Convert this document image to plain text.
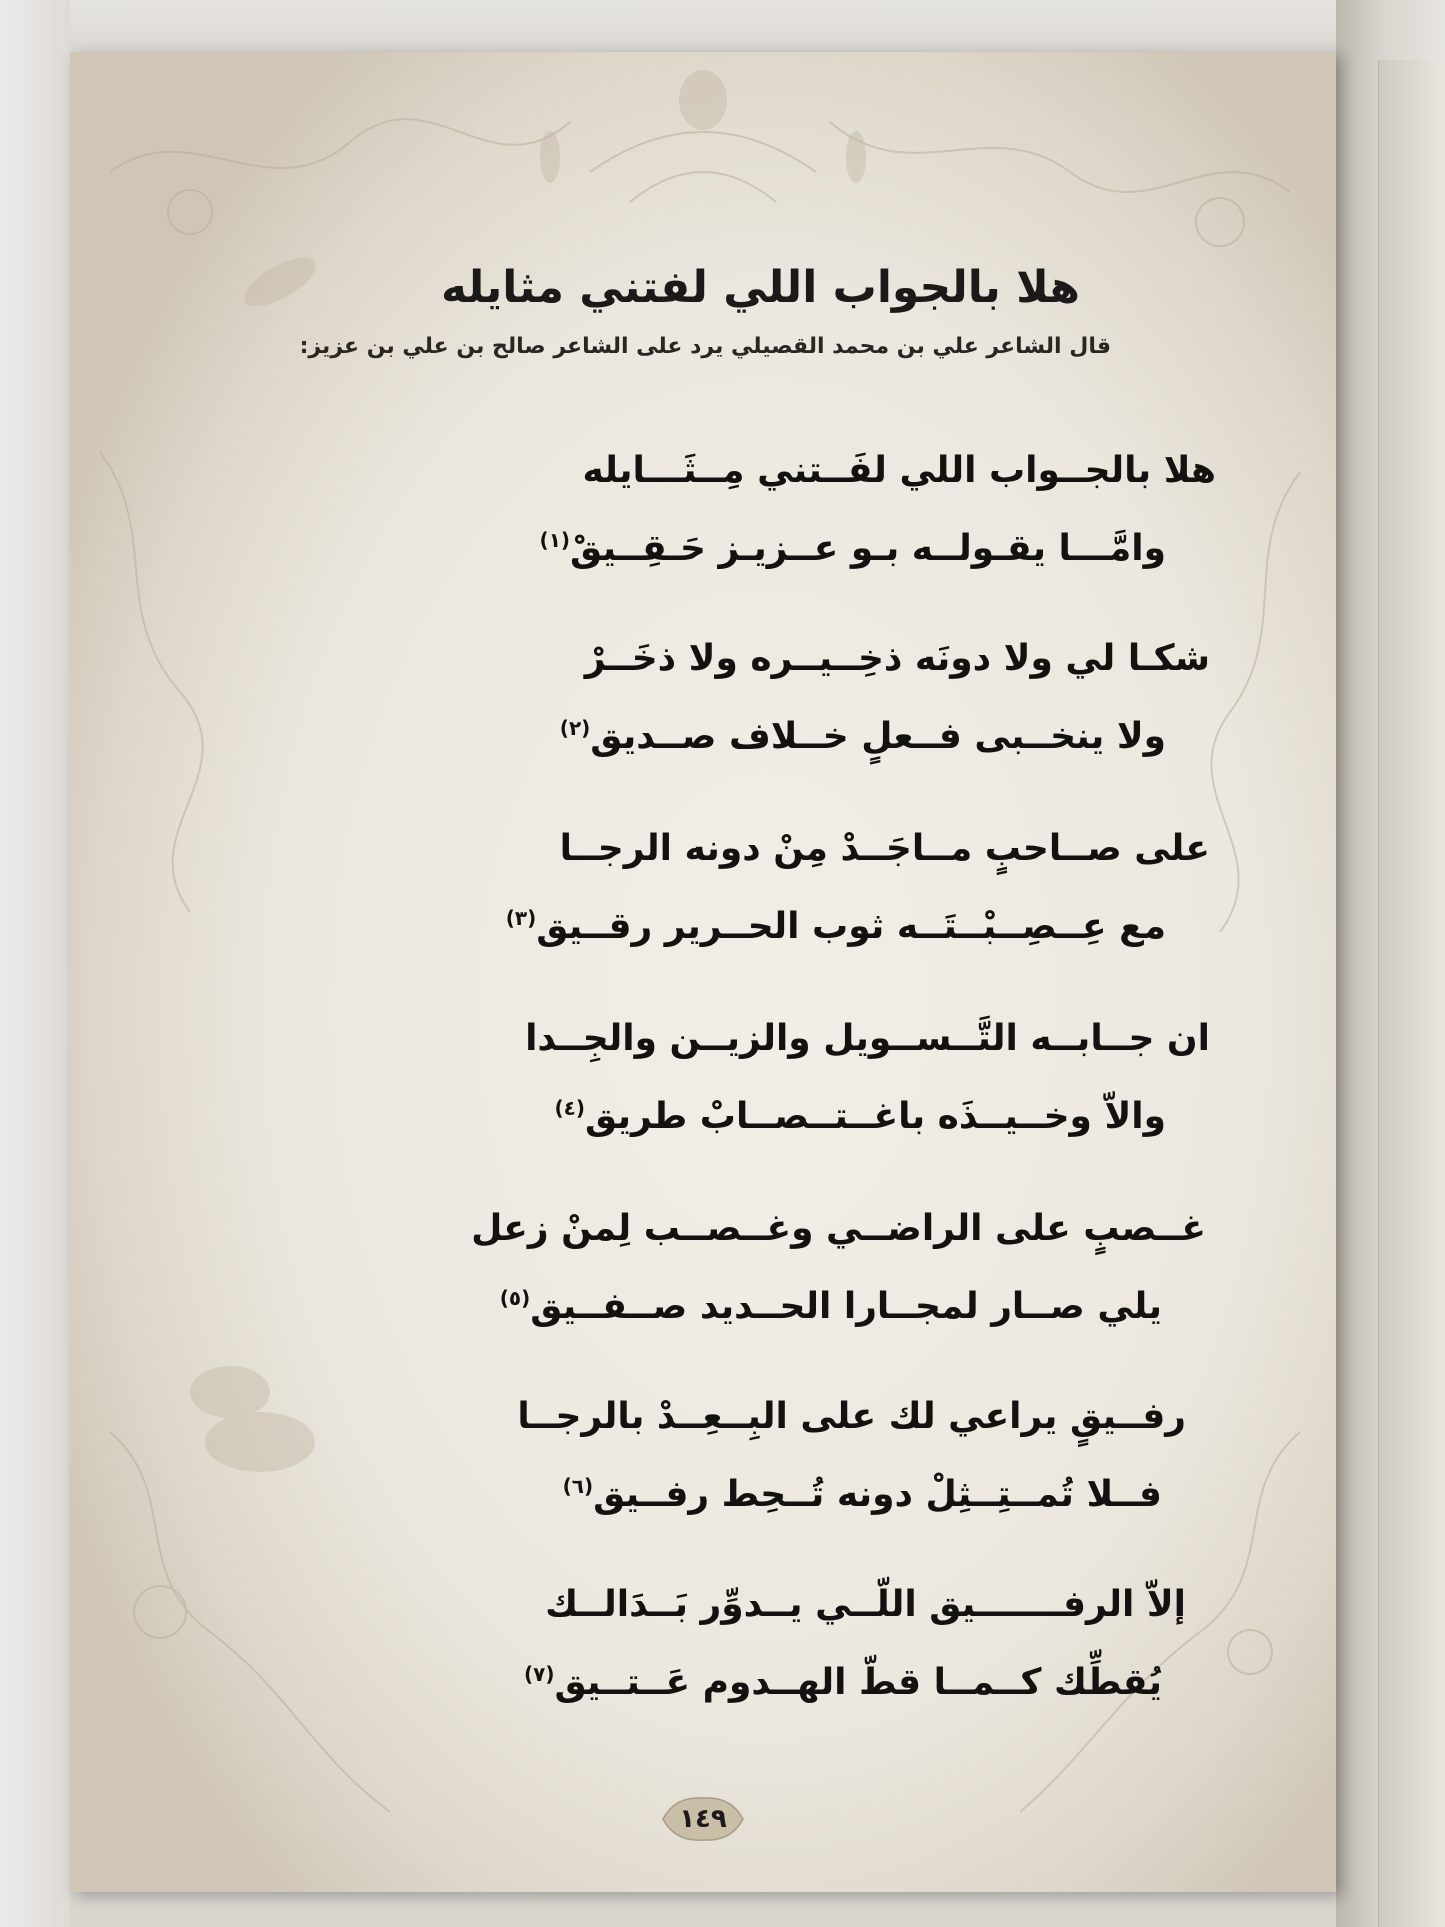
هلا بالجواب اللي لفتني مثايله
قال الشاعر علي بن محمد القصيلي يرد على الشاعر صالح بن علي بن عزيز:
هلا بالجــواب اللي لفَــتني مِــثَـــايله
وامَّـــا يقـولــه بـو عــزيـز حَـقِــيقْ$^{(١)}$
شكـا لي ولا دونَه ذخِــيــره ولا ذخَــرْ
ولا ينخــبى فــعلٍ خــلاف صــديق$^{(٢)}$
على صــاحبٍ مــاجَــدْ مِنْ دونه الرجــا
مع عِــصِــبْــتَــه ثوب الحــرير رقــيق$^{(٣)}$
ان جــابــه التَّــســويل والزيــن والجِــدا
والاّ وخــيــذَه باغــتــصــابْ طريق$^{(٤)}$
غــصبٍ على الراضــي وغــصــب لِمنْ زعل
يلي صــار لمجــارا الحــديد صــفــيق$^{(٥)}$
رفــيقٍ يراعي لك على البِــعِــدْ بالرجــا
فــلا تُمــتِــثِلْ دونه تُــحِط رفــيق$^{(٦)}$
إلاّ الرفـــــــيق اللّــي يــدوِّر بَــدَالــك
يُقطِّك كــمــا قطّ الهــدوم عَــتــيق$^{(٧)}$
١٤٩
